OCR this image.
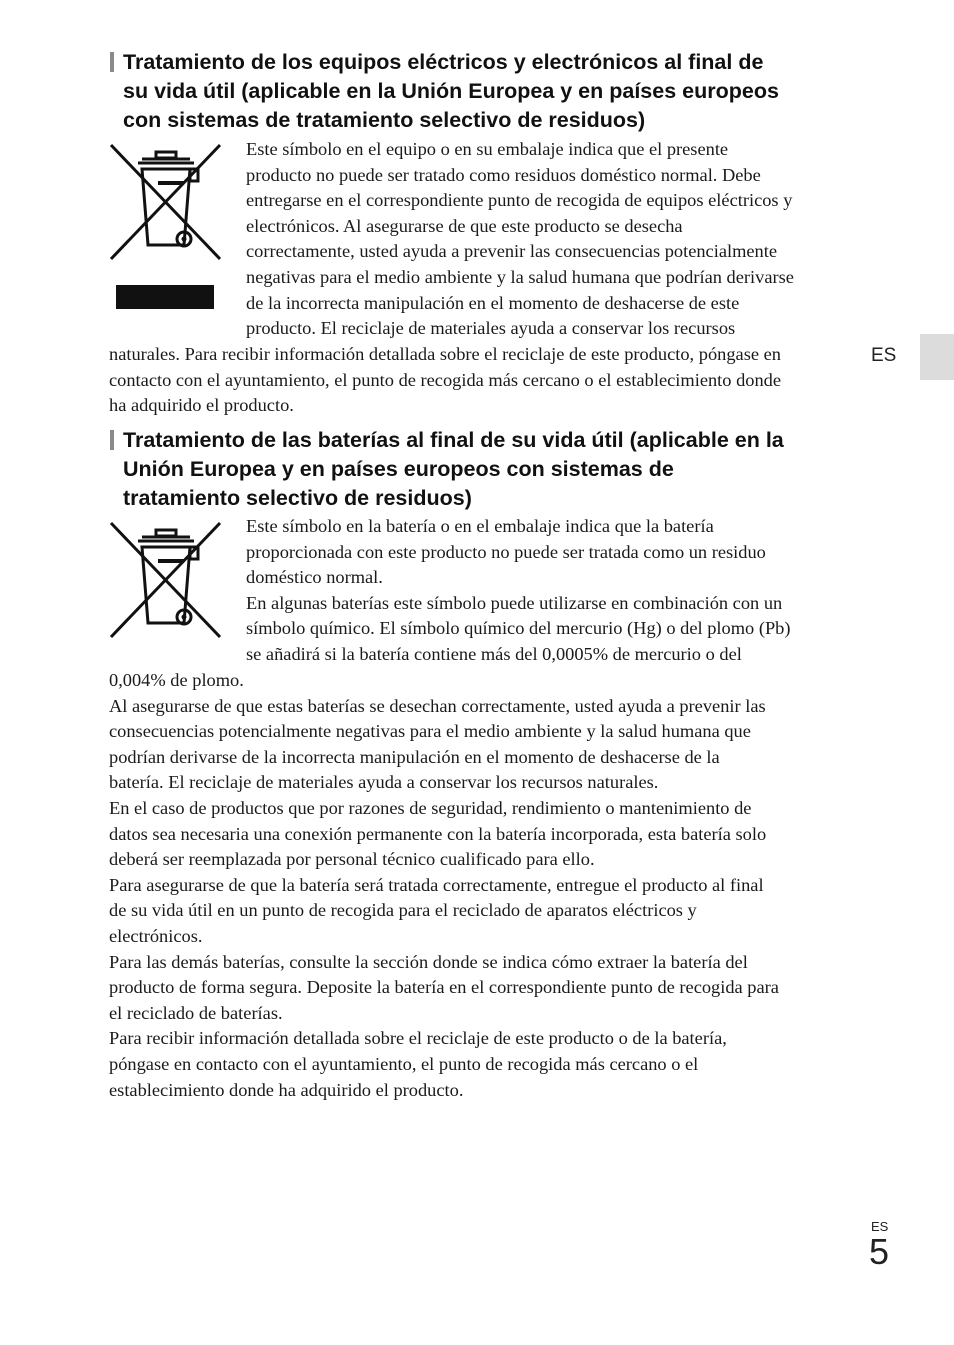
Tratamiento de los equipos eléctricos y electrónicos al final de
su vida útil (aplicable en la Unión Europea y en países europeos
con sistemas de tratamiento selectivo de residuos)
Este símbolo en el equipo o en su embalaje indica que el presente
producto no puede ser tratado como residuos doméstico normal. Debe
entregarse en el correspondiente punto de recogida de equipos eléctricos y
electrónicos. Al asegurarse de que este producto se desecha
correctamente, usted ayuda a prevenir las consecuencias potencialmente
negativas para el medio ambiente y la salud humana que podrían derivarse
de la incorrecta manipulación en el momento de deshacerse de este
producto. El reciclaje de materiales ayuda a conservar los recursos
naturales. Para recibir información detallada sobre el reciclaje de este producto, póngase en
contacto con el ayuntamiento, el punto de recogida más cercano o el establecimiento donde
ha adquirido el producto.
ES
Tratamiento de las baterías al final de su vida útil (aplicable en la
Unión Europea y en países europeos con sistemas de
tratamiento selectivo de residuos)
Este símbolo en la batería o en el embalaje indica que la batería
proporcionada con este producto no puede ser tratada como un residuo
doméstico normal.
En algunas baterías este símbolo puede utilizarse en combinación con un
símbolo químico. El símbolo químico del mercurio (Hg) o del plomo (Pb)
se añadirá si la batería contiene más del 0,0005% de mercurio o del
0,004% de plomo.
Al asegurarse de que estas baterías se desechan correctamente, usted ayuda a prevenir las
consecuencias potencialmente negativas para el medio ambiente y la salud humana que
podrían derivarse de la incorrecta manipulación en el momento de deshacerse de la
batería. El reciclaje de materiales ayuda a conservar los recursos naturales.
En el caso de productos que por razones de seguridad, rendimiento o mantenimiento de
datos sea necesaria una conexión permanente con la batería incorporada, esta batería solo
deberá ser reemplazada por personal técnico cualificado para ello.
Para asegurarse de que la batería será tratada correctamente, entregue el producto al final
de su vida útil en un punto de recogida para el reciclado de aparatos eléctricos y
electrónicos.
Para las demás baterías, consulte la sección donde se indica cómo extraer la batería del
producto de forma segura. Deposite la batería en el correspondiente punto de recogida para
el reciclado de baterías.
Para recibir información detallada sobre el reciclaje de este producto o de la batería,
póngase en contacto con el ayuntamiento, el punto de recogida más cercano o el
establecimiento donde ha adquirido el producto.
ES
5
